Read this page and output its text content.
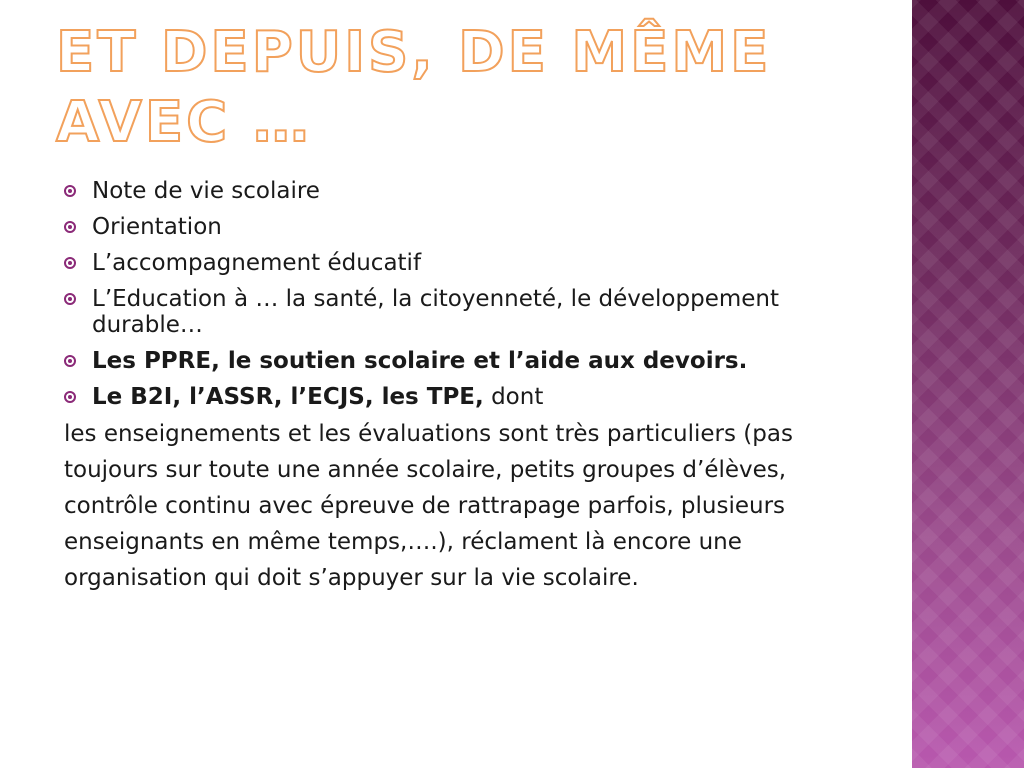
ET DEPUIS, DE MÊME
AVEC …
Note de vie scolaire
Orientation
L’accompagnement éducatif
L’Education à … la santé, la citoyenneté, le développement durable…
Les PPRE, le soutien scolaire et l’aide aux devoirs.
Le B2I, l’ASSR, l’ECJS, les TPE, dont

les enseignements et les évaluations sont très particuliers (pas toujours sur toute une année scolaire, petits groupes d’élèves, contrôle continu avec épreuve de rattrapage parfois, plusieurs enseignants en même temps,….), réclament là encore une organisation qui doit s’appuyer sur la vie scolaire.
